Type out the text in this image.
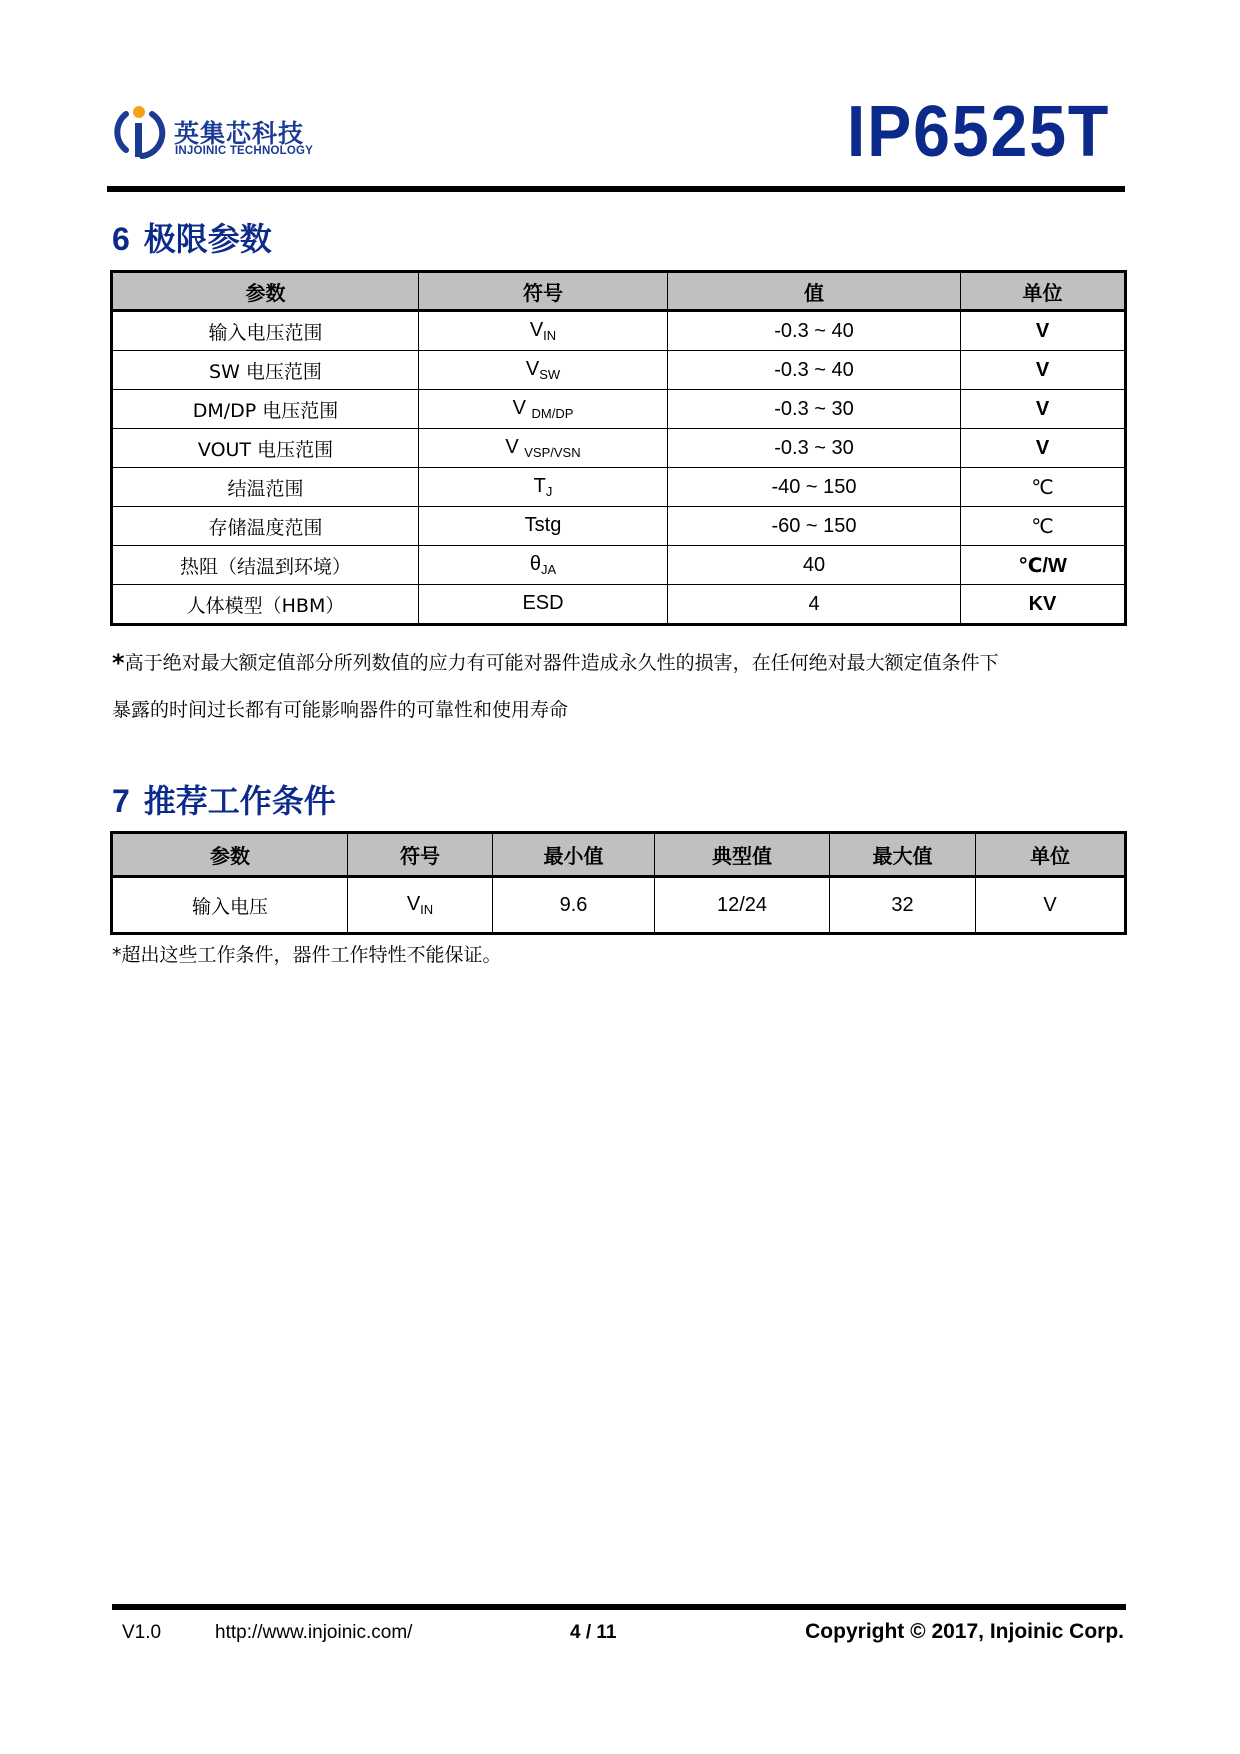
英集芯科技
INJOINIC TECHNOLOGY	IP6525T
6 极限参数
参数	符号	值	单位
输入电压范围	$V_{IN}$	-0.3 ~ 40	V
SW 电压范围	$V_{SW}$	-0.3 ~ 40	V
DM/DP 电压范围	V $_{DM/DP}$	-0.3 ~ 30	V
VOUT 电压范围	V $_{VSP/VSN}$	-0.3 ~ 30	V
结温范围	$T_J$	-40 ~ 150	℃
存储温度范围	Tstg	-60 ~ 150	℃
热阻（结温到环境）	$\theta_{JA}$	40	℃/W
人体模型（HBM）	ESD	4	KV
*高于绝对最大额定值部分所列数值的应力有可能对器件造成永久性的损害，在任何绝对最大额定值条件下
暴露的时间过长都有可能影响器件的可靠性和使用寿命
7 推荐工作条件
参数	符号	最小值	典型值	最大值	单位
输入电压	$V_{IN}$	9.6	12/24	32	V
*超出这些工作条件，器件工作特性不能保证。
V1.0	http://www.injoinic.com/	4 / 11	Copyright © 2017, Injoinic Corp.
